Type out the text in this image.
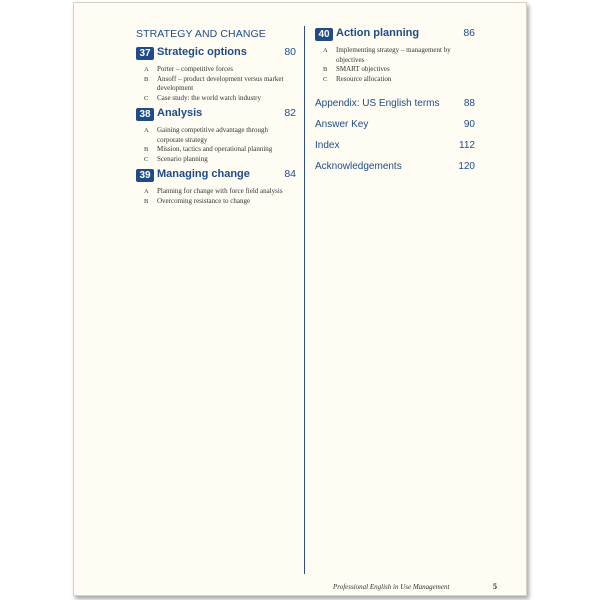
STRATEGY AND CHANGE
37 Strategic options	80
A Porter – competitive forces
B Ansoff – product development versus market development
C Case study: the world watch industry
38 Analysis	82
A Gaining competitive advantage through corporate strategy
B Mission, tactics and operational planning
C Scenario planning
39 Managing change	84
A Planning for change with force field analysis
B Overcoming resistance to change
40 Action planning	86
A Implementing strategy – management by objectives
B SMART objectives
C Resource allocation
Appendix: US English terms 88
Answer Key	90
Index	112
Acknowledgements	120
Professional English in Use Management	5
